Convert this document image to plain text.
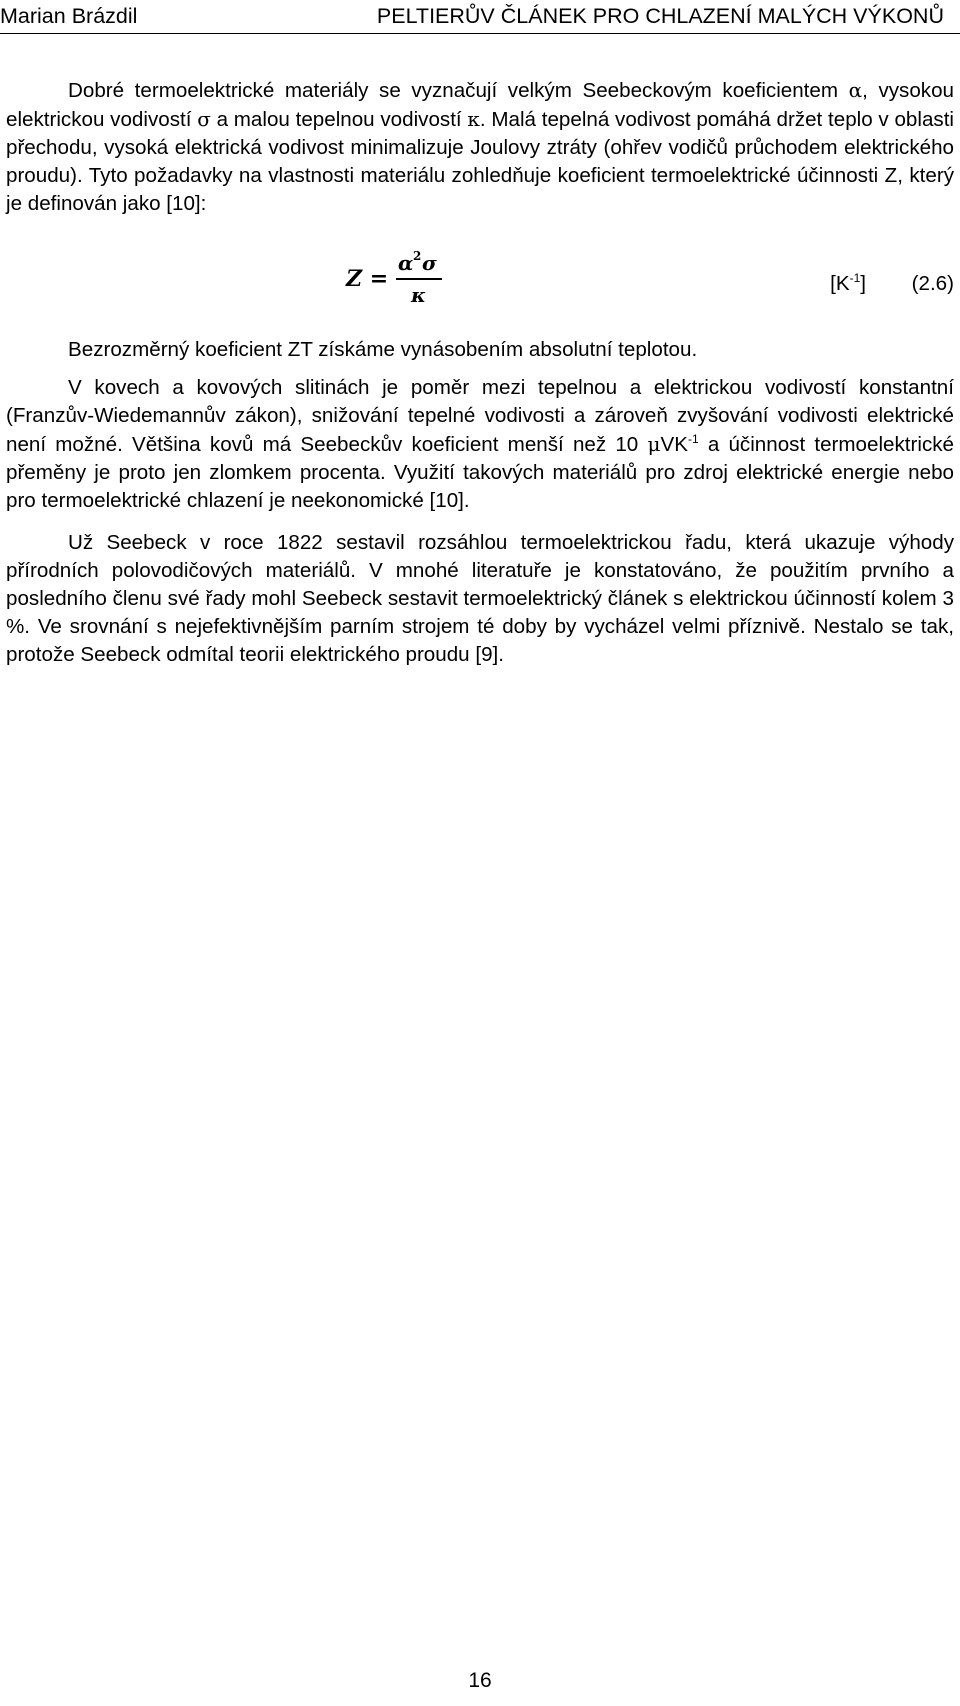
Marian Brázdil	PELTIERŮV ČLÁNEK PRO CHLAZENÍ MALÝCH VÝKONŮ

Dobré termoelektrické materiály se vyznačují velkým Seebeckovým koeficientem α, vysokou elektrickou vodivostí σ a malou tepelnou vodivostí κ. Malá tepelná vodivost pomáhá držet teplo v oblasti přechodu, vysoká elektrická vodivost minimalizuje Joulovy ztráty (ohřev vodičů průchodem elektrického proudu). Tyto požadavky na vlastnosti materiálu zohledňuje koeficient termoelektrické účinnosti Z, který je definován jako [10]:

Z =
α 2 σ
κ	$[K^{-1}]$ (2.6)

Bezrozměrný koeficient ZT získáme vynásobením absolutní teplotou.

V kovech a kovových slitinách je poměr mezi tepelnou a elektrickou vodivostí konstantní (Franzův-Wiedemannův zákon), snižování tepelné vodivosti a zároveň zvyšování vodivosti elektrické není možné. Většina kovů má Seebeckův koeficient menší než 10 μVK$^{-1}$ a účinnost termoelektrické přeměny je proto jen zlomkem procenta. Využití takových materiálů pro zdroj elektrické energie nebo pro termoelektrické chlazení je neekonomické [10].

Už Seebeck v roce 1822 sestavil rozsáhlou termoelektrickou řadu, která ukazuje výhody přírodních polovodičových materiálů. V mnohé literatuře je konstatováno, že použitím prvního a posledního členu své řady mohl Seebeck sestavit termoelektrický článek s elektrickou účinností kolem 3 %. Ve srovnání s nejefektivnějším parním strojem té doby by vycházel velmi příznivě. Nestalo se tak, protože Seebeck odmítal teorii elektrického proudu [9].

16
